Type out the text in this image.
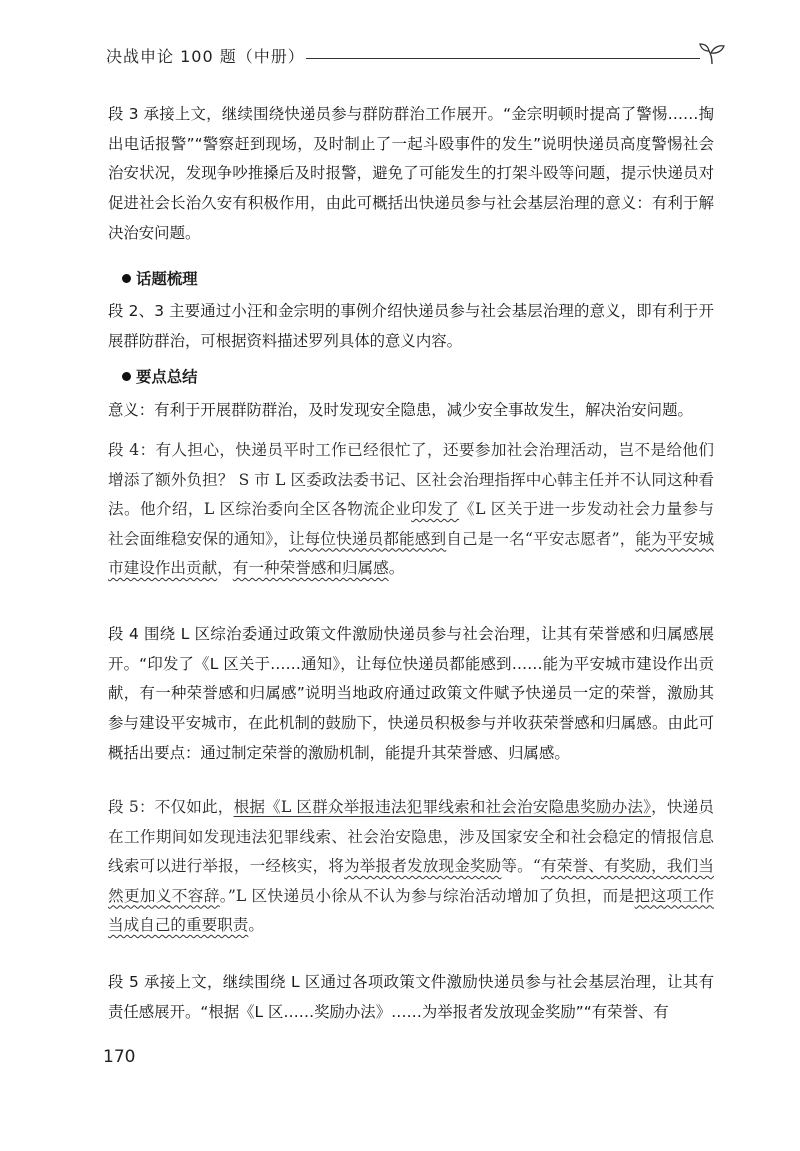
决战申论 100 题（中册）

段 3 承接上文，继续围绕快递员参与群防群治工作展开。“金宗明顿时提高了警惕……掏出电话报警”“警察赶到现场，及时制止了一起斗殴事件的发生”说明快递员高度警惕社会治安状况，发现争吵推搡后及时报警，避免了可能发生的打架斗殴等问题，提示快递员对促进社会长治久安有积极作用，由此可概括出快递员参与社会基层治理的意义：有利于解决治安问题。

话题梳理

段 2、3 主要通过小汪和金宗明的事例介绍快递员参与社会基层治理的意义，即有利于开展群防群治，可根据资料描述罗列具体的意义内容。

要点总结

意义：有利于开展群防群治，及时发现安全隐患，减少安全事故发生，解决治安问题。

段 4：有人担心，快递员平时工作已经很忙了，还要参加社会治理活动，岂不是给他们增添了额外负担？ S 市 L 区委政法委书记、区社会治理指挥中心韩主任并不认同这种看法。他介绍，L 区综治委向全区各物流企业印发了《L 区关于进一步发动社会力量参与社会面维稳安保的通知》，让每位快递员都能感到自己是一名“平安志愿者”，能为平安城市建设作出贡献，有一种荣誉感和归属感。

段 4 围绕 L 区综治委通过政策文件激励快递员参与社会治理，让其有荣誉感和归属感展开。“印发了《L 区关于……通知》，让每位快递员都能感到……能为平安城市建设作出贡献，有一种荣誉感和归属感”说明当地政府通过政策文件赋予快递员一定的荣誉，激励其参与建设平安城市，在此机制的鼓励下，快递员积极参与并收获荣誉感和归属感。由此可概括出要点：通过制定荣誉的激励机制，能提升其荣誉感、归属感。

段 5：不仅如此，根据《L 区群众举报违法犯罪线索和社会治安隐患奖励办法》，快递员在工作期间如发现违法犯罪线索、社会治安隐患，涉及国家安全和社会稳定的情报信息线索可以进行举报，一经核实，将为举报者发放现金奖励等。“有荣誉、有奖励，我们当然更加义不容辞。”L 区快递员小徐从不认为参与综治活动增加了负担，而是把这项工作当成自己的重要职责。

段 5 承接上文，继续围绕 L 区通过各项政策文件激励快递员参与社会基层治理，让其有责任感展开。“根据《L 区……奖励办法》……为举报者发放现金奖励”“有荣誉、有

170
